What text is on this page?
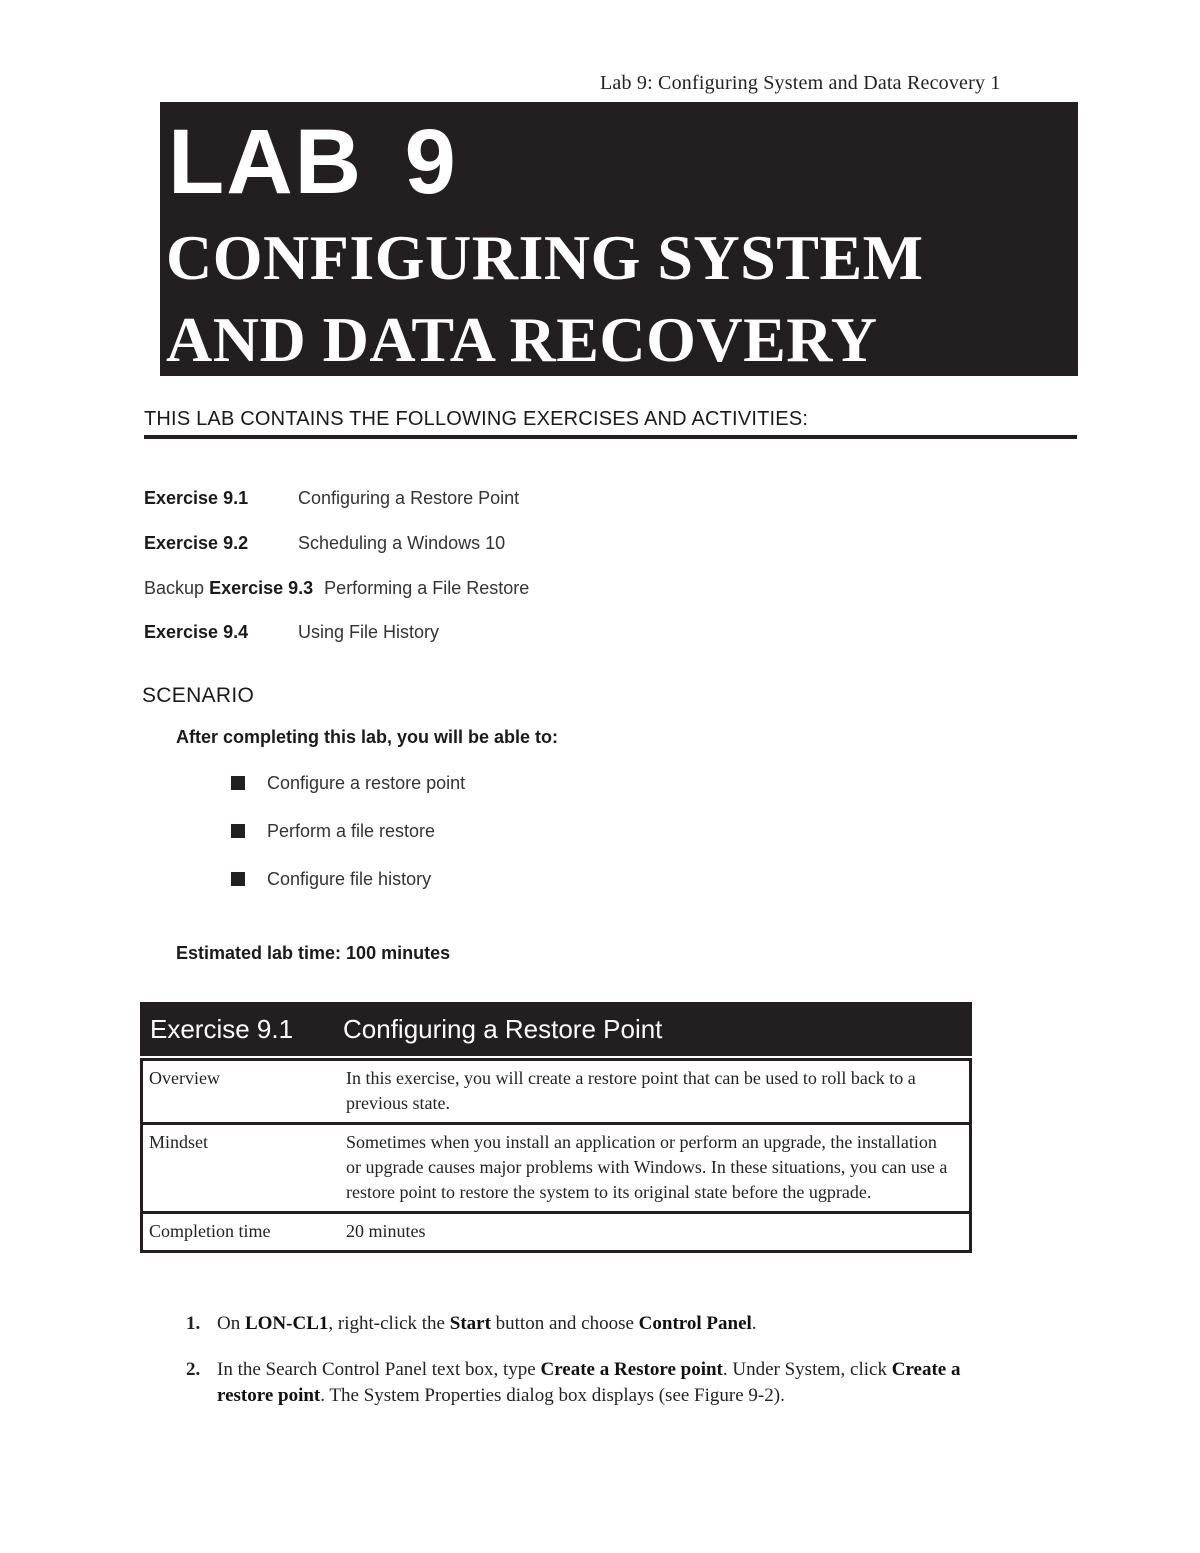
Lab 9: Configuring System and Data Recovery 1
LAB 9
CONFIGURING SYSTEM
AND DATA RECOVERY
THIS LAB CONTAINS THE FOLLOWING EXERCISES AND ACTIVITIES:
Exercise 9.1	Configuring a Restore Point
Exercise 9.2	Scheduling a Windows 10
Backup Exercise 9.3 Performing a File Restore
Exercise 9.4	Using File History
SCENARIO
After completing this lab, you will be able to:
Configure a restore point
Perform a file restore
Configure file history
Estimated lab time: 100 minutes
Exercise 9.1 Configuring a Restore Point
Overview	In this exercise, you will create a restore point that can be used to roll back to a previous state.
Mindset	Sometimes when you install an application or perform an upgrade, the installation or upgrade causes major problems with Windows. In these situations, you can use a restore point to restore the system to its original state before the ugprade.
Completion time	20 minutes
1. On LON-CL1, right-click the Start button and choose Control Panel.
2. In the Search Control Panel text box, type Create a Restore point. Under System, click Create a restore point. The System Properties dialog box displays (see Figure 9-2).
